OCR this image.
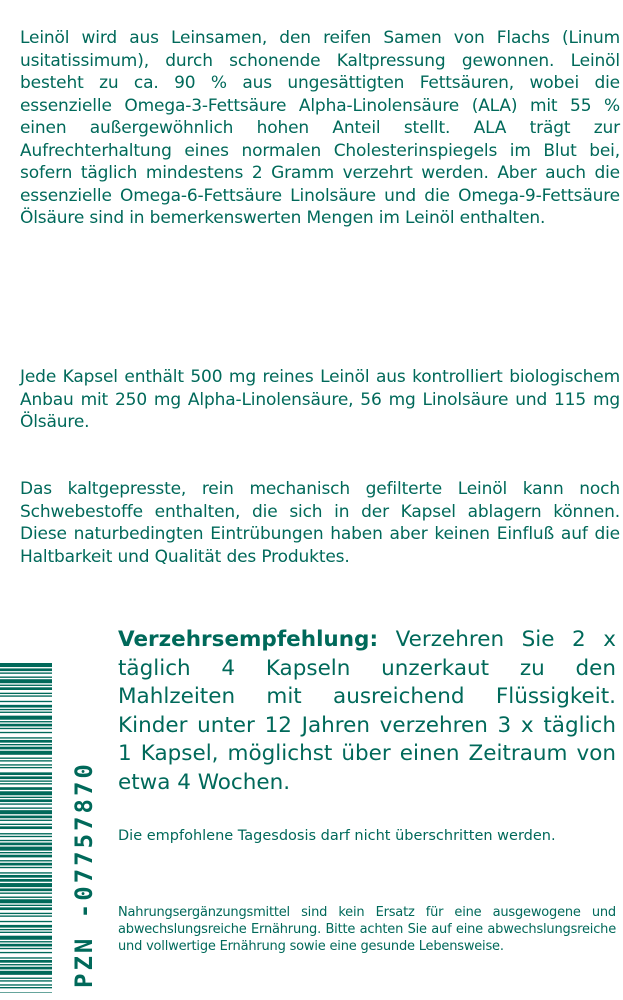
Leinöl wird aus Leinsamen, den reifen Samen von Flachs (Linum usitatissimum), durch schonende Kaltpressung gewonnen. Leinöl besteht zu ca. 90 % aus ungesättigten Fettsäuren, wobei die essenzielle Omega-3-Fettsäure Alpha-Linolensäure (ALA) mit 55 % einen außergewöhnlich hohen Anteil stellt. ALA trägt zur Aufrechterhaltung eines normalen Cholesterinspiegels im Blut bei, sofern täglich mindestens 2 Gramm verzehrt werden. Aber auch die essenzielle Omega-6-Fettsäure Linolsäure und die Omega-9-Fettsäure Ölsäure sind in bemerkenswerten Mengen im Leinöl enthalten.

Jede Kapsel enthält 500 mg reines Leinöl aus kontrolliert biologischem Anbau mit 250 mg Alpha-Linolensäure, 56 mg Linolsäure und 115 mg Ölsäure.

Das kaltgepresste, rein mechanisch gefilterte Leinöl kann noch Schwebestoffe enthalten, die sich in der Kapsel ablagern können. Diese naturbedingten Eintrübungen haben aber keinen Einfluß auf die Haltbarkeit und Qualität des Produktes.

PZN -07757870

Verzehrsempfehlung: Verzehren Sie 2 x täglich 4 Kapseln unzerkaut zu den Mahlzeiten mit ausreichend Flüssigkeit. Kinder unter 12 Jahren verzehren 3 x täglich 1 Kapsel, möglichst über einen Zeitraum von etwa 4 Wochen.

Die empfohlene Tagesdosis darf nicht überschritten werden.

Nahrungsergänzungsmittel sind kein Ersatz für eine ausgewogene und abwechslungsreiche Ernährung. Bitte achten Sie auf eine abwechslungsreiche und vollwertige Ernährung sowie eine gesunde Lebensweise.
